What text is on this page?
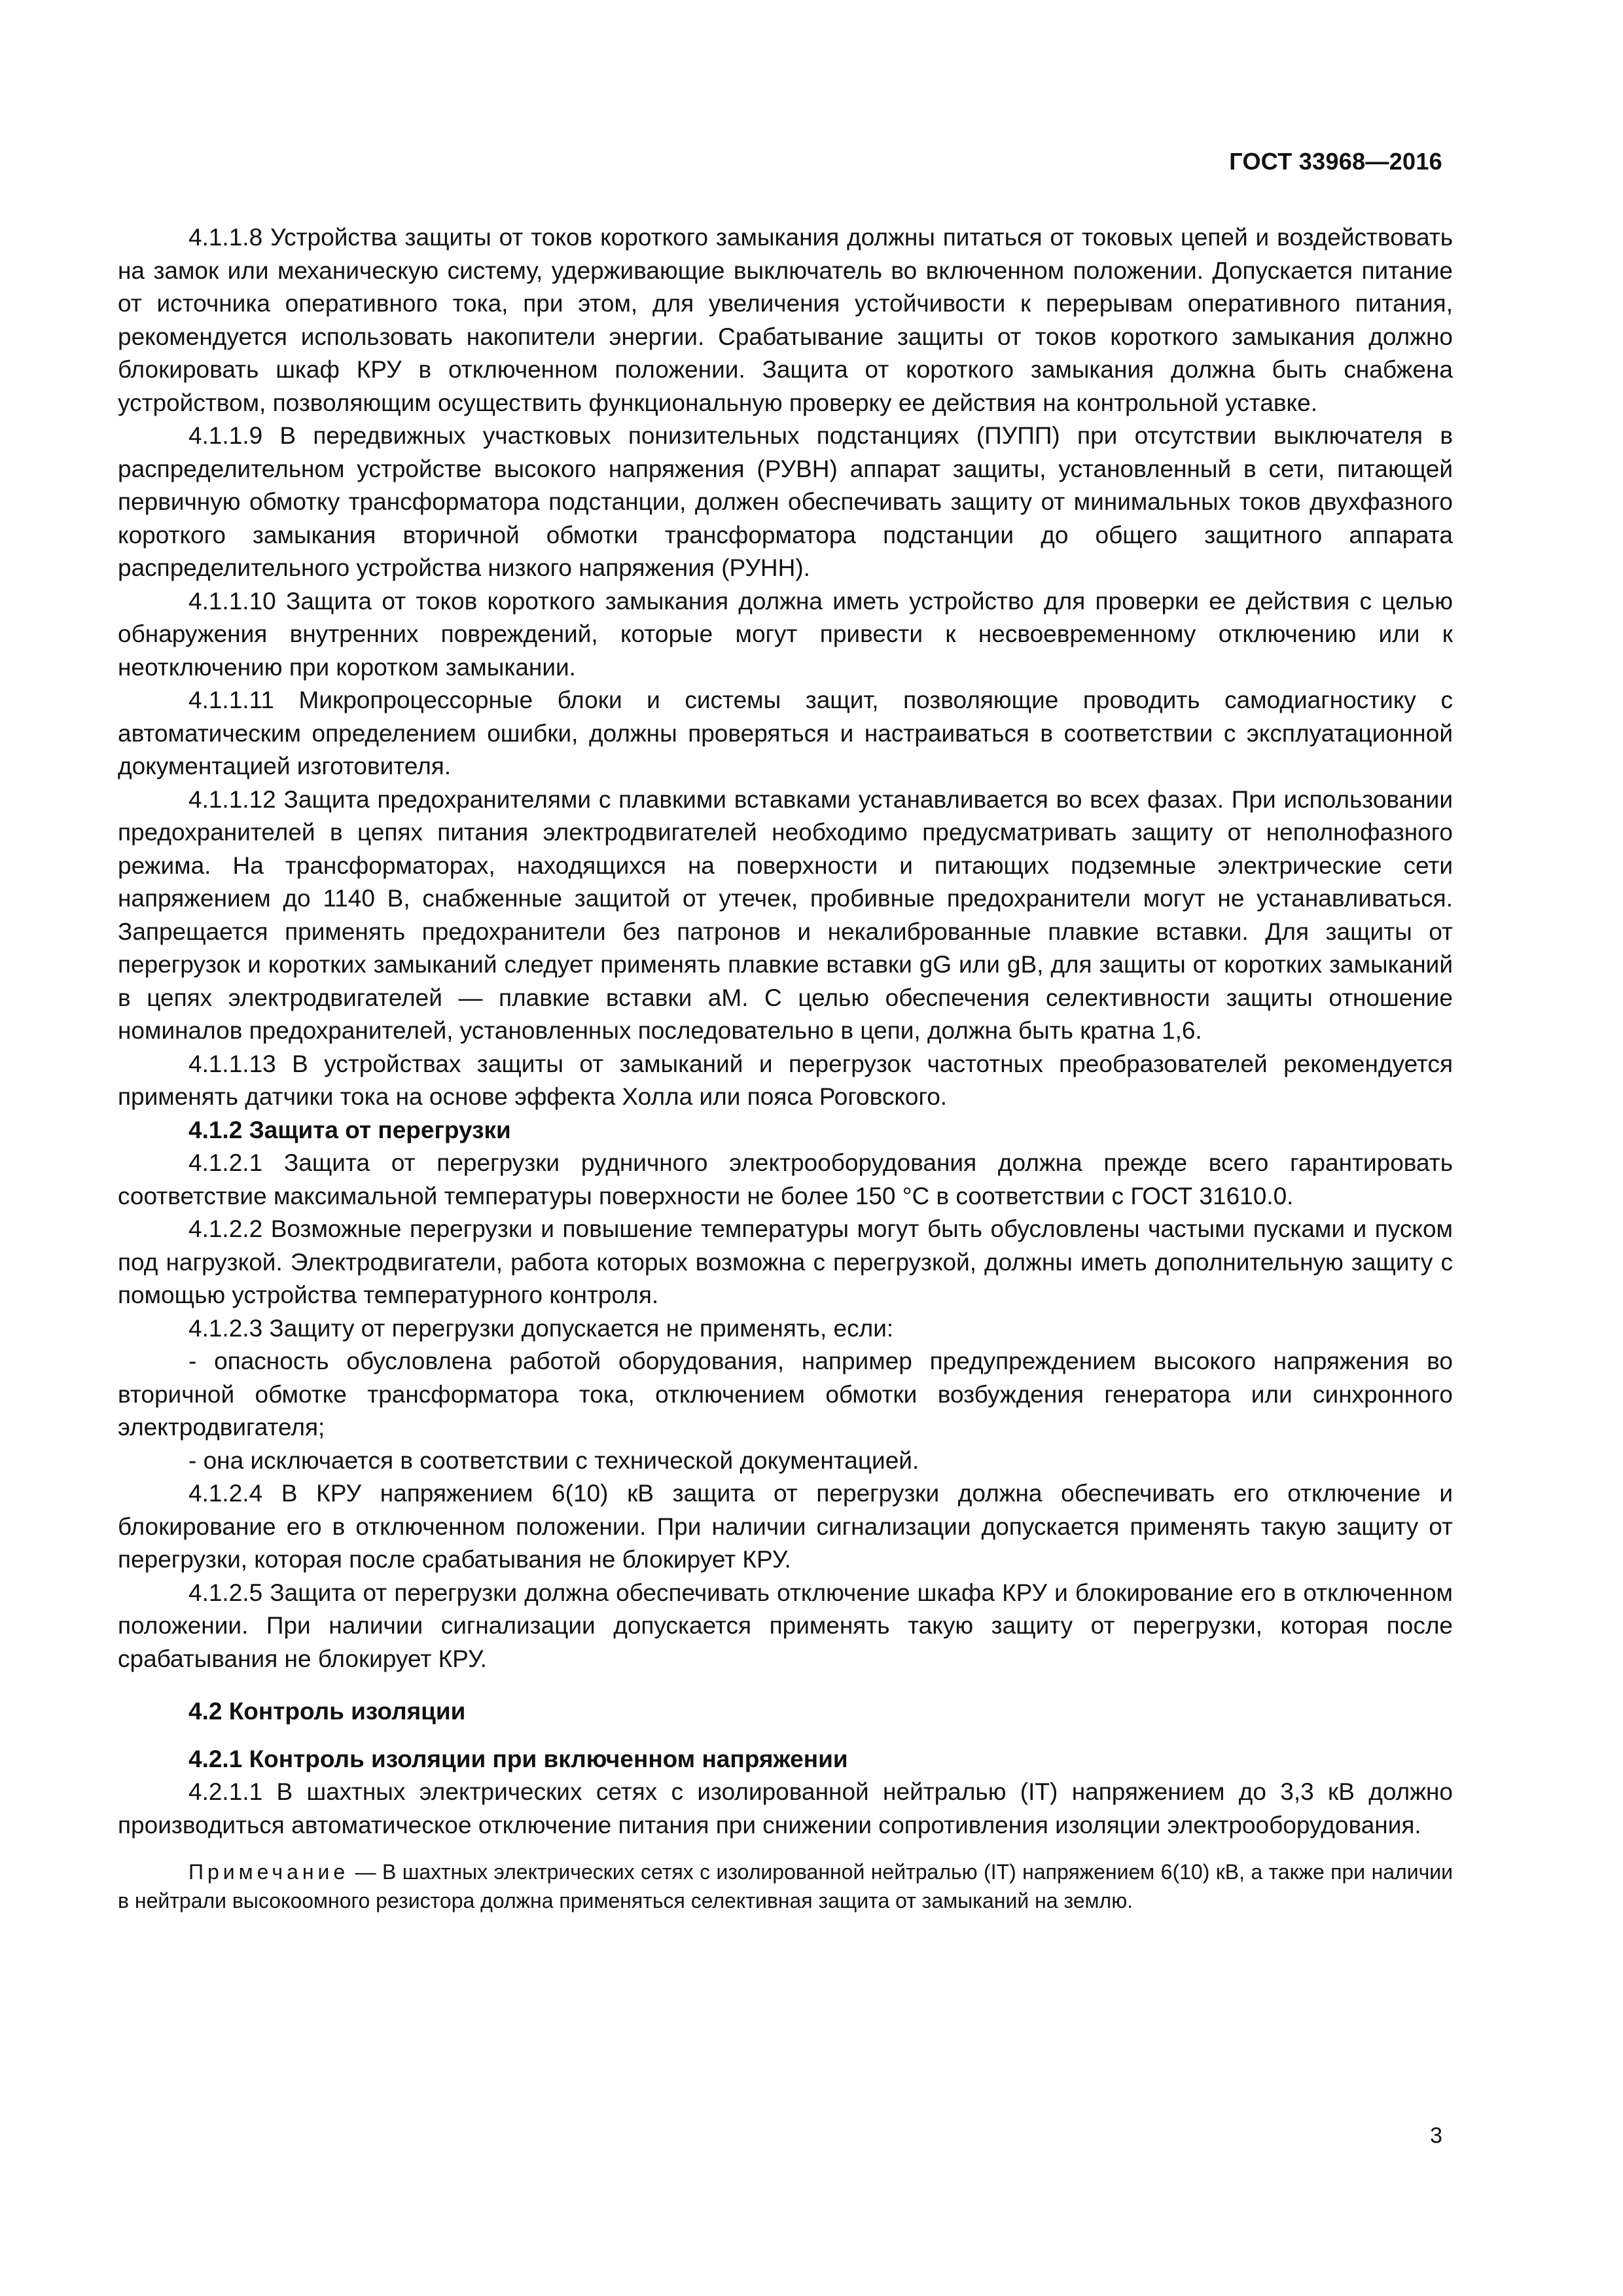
ГОСТ 33968—2016

4.1.1.8 Устройства защиты от токов короткого замыкания должны питаться от токовых цепей и воздействовать на замок или механическую систему, удерживающие выключатель во включенном положении. Допускается питание от источника оперативного тока, при этом, для увеличения устойчивости к перерывам оперативного питания, рекомендуется использовать накопители энергии. Срабатывание защиты от токов короткого замыкания должно блокировать шкаф КРУ в отключенном положении. Защита от короткого замыкания должна быть снабжена устройством, позволяющим осуществить функциональную проверку ее действия на контрольной уставке.

4.1.1.9 В передвижных участковых понизительных подстанциях (ПУПП) при отсутствии выключателя в распределительном устройстве высокого напряжения (РУВН) аппарат защиты, установленный в сети, питающей первичную обмотку трансформатора подстанции, должен обеспечивать защиту от минимальных токов двухфазного короткого замыкания вторичной обмотки трансформатора подстанции до общего защитного аппарата распределительного устройства низкого напряжения (РУНН).

4.1.1.10 Защита от токов короткого замыкания должна иметь устройство для проверки ее действия с целью обнаружения внутренних повреждений, которые могут привести к несвоевременному отключению или к неотключению при коротком замыкании.

4.1.1.11 Микропроцессорные блоки и системы защит, позволяющие проводить самодиагностику с автоматическим определением ошибки, должны проверяться и настраиваться в соответствии с эксплуатационной документацией изготовителя.

4.1.1.12 Защита предохранителями с плавкими вставками устанавливается во всех фазах. При использовании предохранителей в цепях питания электродвигателей необходимо предусматривать защиту от неполнофазного режима. На трансформаторах, находящихся на поверхности и питающих подземные электрические сети напряжением до 1140 В, снабженные защитой от утечек, пробивные предохранители могут не устанавливаться. Запрещается применять предохранители без патронов и некалиброванные плавкие вставки. Для защиты от перегрузок и коротких замыканий следует применять плавкие вставки gG или gB, для защиты от коротких замыканий в цепях электродвигателей — плавкие вставки aM. С целью обеспечения селективности защиты отношение номиналов предохранителей, установленных последовательно в цепи, должна быть кратна 1,6.

4.1.1.13 В устройствах защиты от замыканий и перегрузок частотных преобразователей рекомендуется применять датчики тока на основе эффекта Холла или пояса Роговского.

4.1.2 Защита от перегрузки

4.1.2.1 Защита от перегрузки рудничного электрооборудования должна прежде всего гарантировать соответствие максимальной температуры поверхности не более 150 °С в соответствии с ГОСТ 31610.0.

4.1.2.2 Возможные перегрузки и повышение температуры могут быть обусловлены частыми пусками и пуском под нагрузкой. Электродвигатели, работа которых возможна с перегрузкой, должны иметь дополнительную защиту с помощью устройства температурного контроля.

4.1.2.3 Защиту от перегрузки допускается не применять, если:

- опасность обусловлена работой оборудования, например предупреждением высокого напряжения во вторичной обмотке трансформатора тока, отключением обмотки возбуждения генератора или синхронного электродвигателя;

- она исключается в соответствии с технической документацией.

4.1.2.4 В КРУ напряжением 6(10) кВ защита от перегрузки должна обеспечивать его отключение и блокирование его в отключенном положении. При наличии сигнализации допускается применять такую защиту от перегрузки, которая после срабатывания не блокирует КРУ.

4.1.2.5 Защита от перегрузки должна обеспечивать отключение шкафа КРУ и блокирование его в отключенном положении. При наличии сигнализации допускается применять такую защиту от перегрузки, которая после срабатывания не блокирует КРУ.

4.2 Контроль изоляции
4.2.1 Контроль изоляции при включенном напряжении

4.2.1.1 В шахтных электрических сетях с изолированной нейтралью (IT) напряжением до 3,3 кВ должно производиться автоматическое отключение питания при снижении сопротивления изоляции электрооборудования.

Примечание — В шахтных электрических сетях с изолированной нейтралью (IT) напряжением 6(10) кВ, а также при наличии в нейтрали высокоомного резистора должна применяться селективная защита от замыканий на землю.
3
